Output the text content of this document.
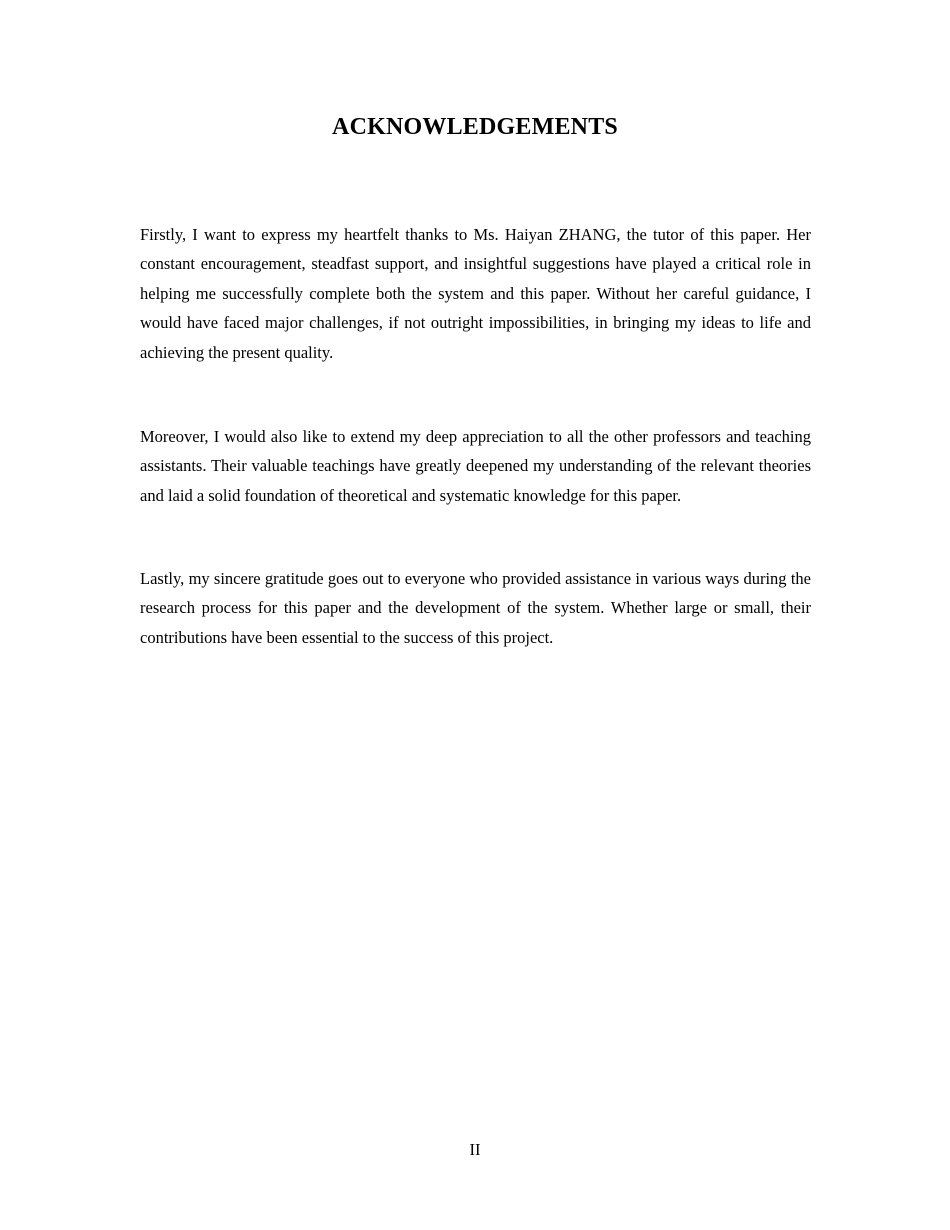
ACKNOWLEDGEMENTS

Firstly, I want to express my heartfelt thanks to Ms. Haiyan ZHANG, the tutor of this paper. Her constant encouragement, steadfast support, and insightful suggestions have played a critical role in helping me successfully complete both the system and this paper. Without her careful guidance, I would have faced major challenges, if not outright impossibilities, in bringing my ideas to life and achieving the present quality.

Moreover, I would also like to extend my deep appreciation to all the other professors and teaching assistants. Their valuable teachings have greatly deepened my understanding of the relevant theories and laid a solid foundation of theoretical and systematic knowledge for this paper.

Lastly, my sincere gratitude goes out to everyone who provided assistance in various ways during the research process for this paper and the development of the system. Whether large or small, their contributions have been essential to the success of this project.

II
